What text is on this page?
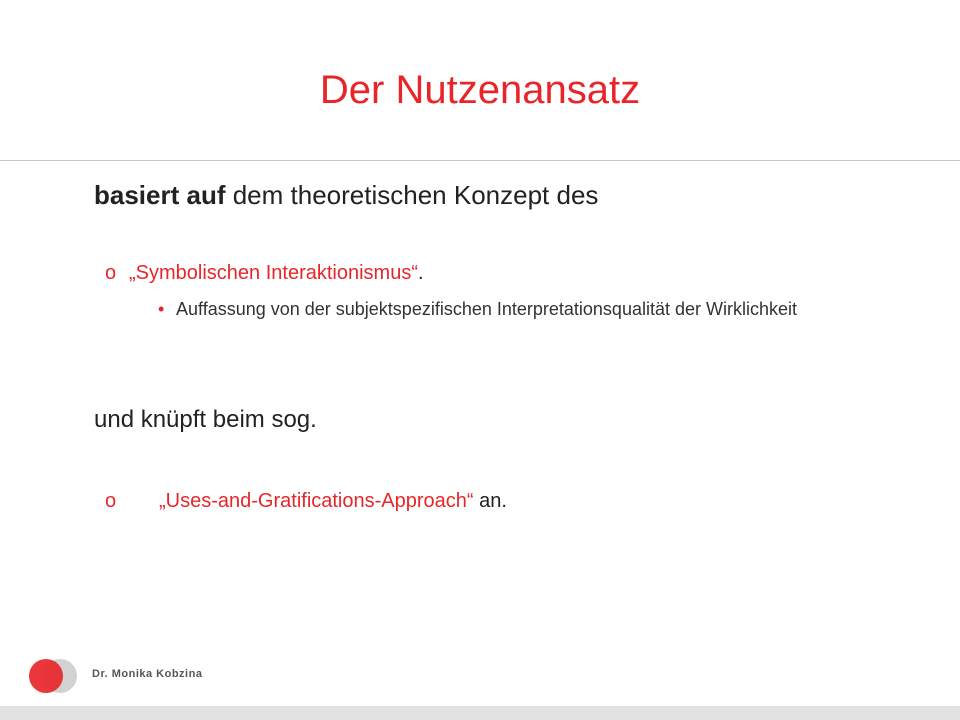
Der Nutzenansatz
basiert auf dem theoretischen Konzept des
o „Symbolischen Interaktionismus“.
• Auffassung von der subjektspezifischen Interpretationsqualität der Wirklichkeit
und knüpft beim sog.
o „Uses-and-Gratifications-Approach“ an.
Dr. Monika Kobzina
